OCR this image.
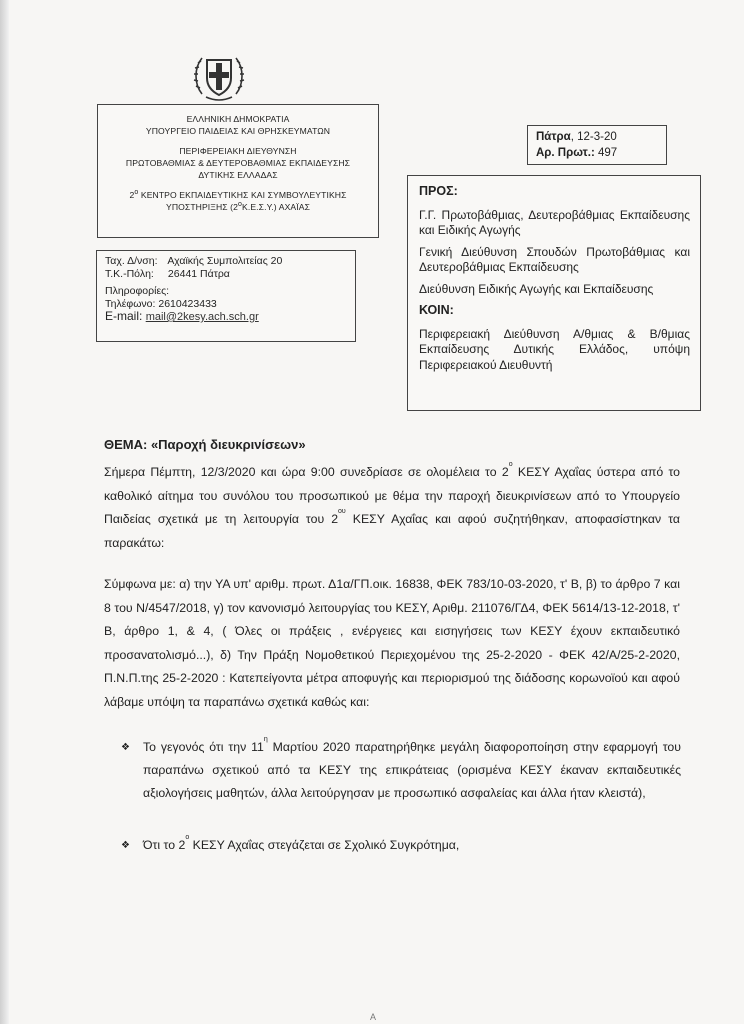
ΕΛΛΗΝΙΚΗ ΔΗΜΟΚΡΑΤΙΑ
ΥΠΟΥΡΓΕΙΟ ΠΑΙΔΕΙΑΣ ΚΑΙ ΘΡΗΣΚΕΥΜΑΤΩΝ
ΠΕΡΙΦΕΡΕΙΑΚΗ ΔΙΕΥΘΥΝΣΗ
ΠΡΩΤΟΒΑΘΜΙΑΣ & ΔΕΥΤΕΡΟΒΑΘΜΙΑΣ ΕΚΠΑΙΔΕΥΣΗΣ
ΔΥΤΙΚΗΣ ΕΛΛΑΔΑΣ
$2^o$ ΚΕΝΤΡΟ ΕΚΠΑΙΔΕΥΤΙΚΗΣ ΚΑΙ ΣΥΜΒΟΥΛΕΥΤΙΚΗΣ
ΥΠΟΣΤΗΡΙΞΗΣ $(2^oK.E.\Sigma.\Upsilon.)$ ΑΧΑΪΑΣ
Ταχ. Δ/νση: Αχαϊκής Συμπολιτείας 20
Τ.Κ.-Πόλη: 26441 Πάτρα
Πληροφορίες:
Τηλέφωνο: 2610423433
E-mail: mail@2kesy.ach.sch.gr
Πάτρα, 12-3-20
Αρ. Πρωτ.: 497
ΠΡΟΣ:

Γ.Γ. Πρωτοβάθμιας, Δευτεροβάθμιας Εκπαίδευσης και Ειδικής Αγωγής

Γενική Διεύθυνση Σπουδών Πρωτοβάθμιας και Δευτεροβάθμιας Εκπαίδευσης

Διεύθυνση Ειδικής Αγωγής και Εκπαίδευσης

ΚΟΙΝ:

Περιφερειακή Διεύθυνση Α/θμιας & Β/θμιας Εκπαίδευσης Δυτικής Ελλάδος, υπόψη Περιφερειακού Διευθυντή

ΘΕΜΑ: «Παροχή διευκρινίσεων»
Σήμερα Πέμπτη, 12/3/2020 και ώρα 9:00 συνεδρίασε σε ολομέλεια το $2^o$ ΚΕΣΥ Αχαΐας ύστερα από το καθολικό αίτημα του συνόλου του προσωπικού με θέμα την παροχή διευκρινίσεων από το Υπουργείο Παιδείας σχετικά με τη λειτουργία του $2^{o\upsilon}$ ΚΕΣΥ Αχαΐας και αφού συζητήθηκαν, αποφασίστηκαν τα παρακάτω:
Σύμφωνα με: α) την ΥΑ υπ' αριθμ. πρωτ. Δ1α/ΓΠ.οικ. 16838, ΦΕΚ 783/10-03-2020, τ' Β, β) το άρθρο 7 και 8 του Ν/4547/2018, γ) τον κανονισμό λειτουργίας του ΚΕΣΥ, Αριθμ. 211076/ΓΔ4, ΦΕΚ 5614/13-12-2018, τ' Β, άρθρο 1, & 4, ( Όλες οι πράξεις , ενέργειες και εισηγήσεις των ΚΕΣΥ έχουν εκπαιδευτικό προσανατολισμό...), δ) Την Πράξη Νομοθετικού Περιεχομένου της 25-2-2020 - ΦΕΚ 42/Α/25-2-2020, Π.Ν.Π.της 25-2-2020 : Κατεπείγοντα μέτρα αποφυγής και περιορισμού της διάδοσης κορωνοϊού και αφού λάβαμε υπόψη τα παραπάνω σχετικά καθώς και:
❖ Το γεγονός ότι την $11^\eta$ Μαρτίου 2020 παρατηρήθηκε μεγάλη διαφοροποίηση στην εφαρμογή του παραπάνω σχετικού από τα ΚΕΣΥ της επικράτειας (ορισμένα ΚΕΣΥ έκαναν εκπαιδευτικές αξιολογήσεις μαθητών, άλλα λειτούργησαν με προσωπικό ασφαλείας και άλλα ήταν κλειστά),
❖ Ότι το $2^o$ ΚΕΣΥ Αχαΐας στεγάζεται σε Σχολικό Συγκρότημα,
A
